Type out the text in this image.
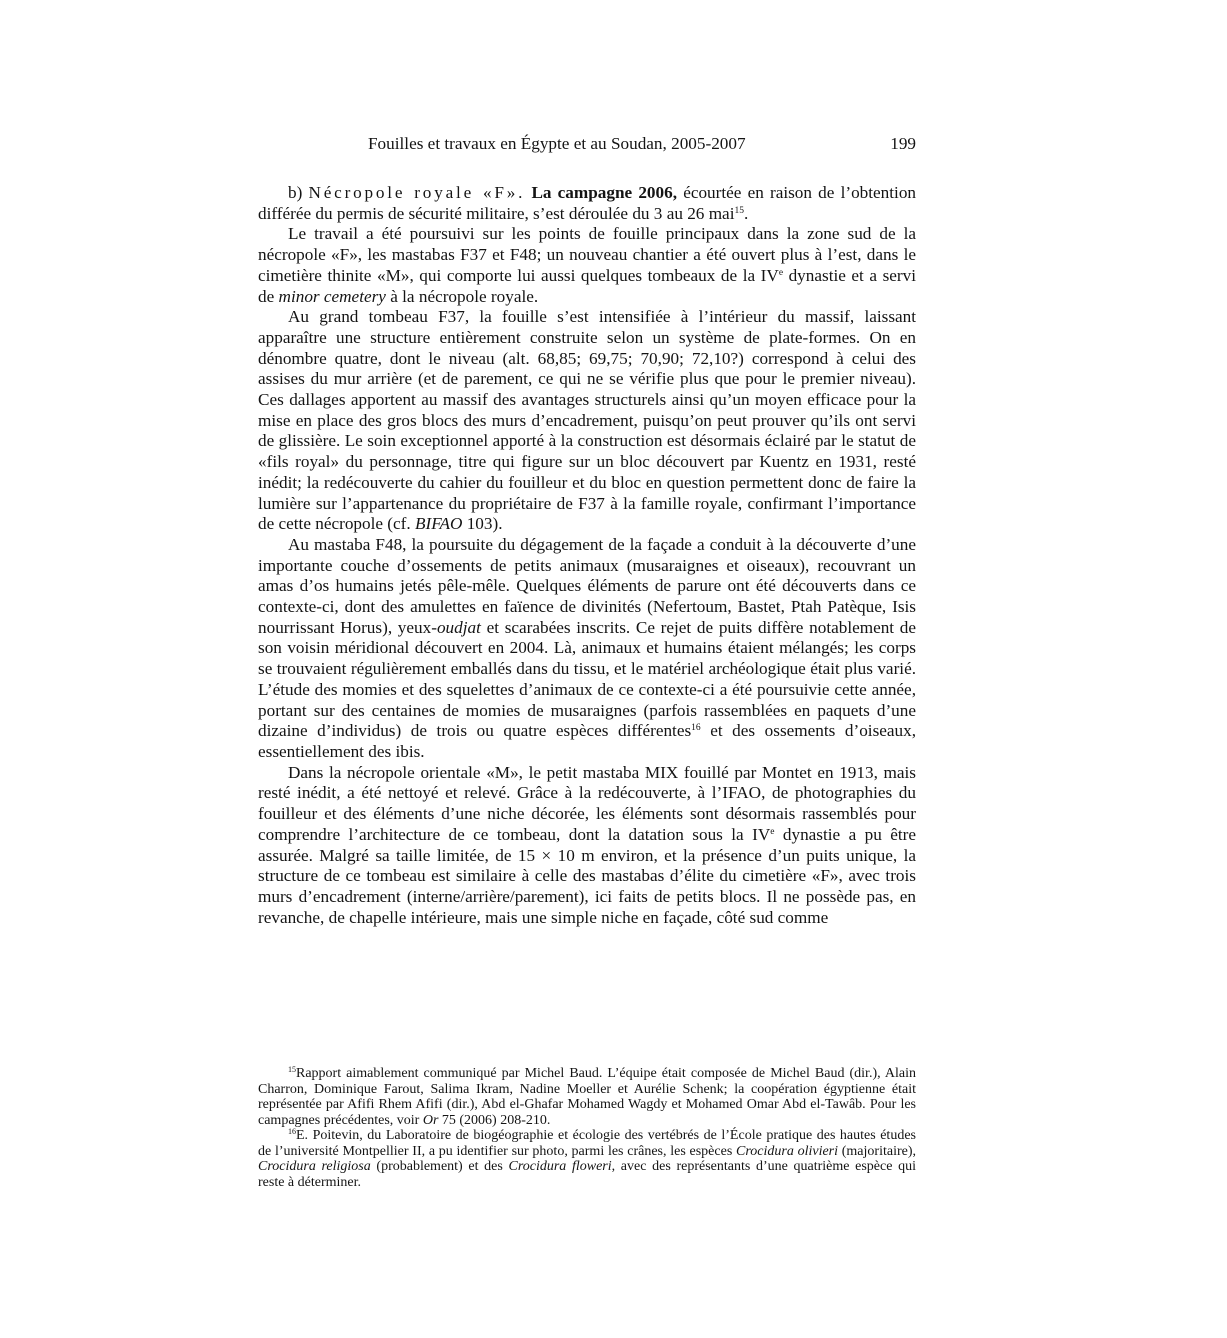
Fouilles et travaux en Égypte et au Soudan, 2005-2007	199

b) Nécropole royale «F». La campagne 2006, écourtée en raison de l’obtention différée du permis de sécurité militaire, s’est déroulée du 3 au 26 mai$^{15}$.

Le travail a été poursuivi sur les points de fouille principaux dans la zone sud de la nécropole «F», les mastabas F37 et F48; un nouveau chantier a été ouvert plus à l’est, dans le cimetière thinite «M», qui comporte lui aussi quelques tombeaux de la IVe dynastie et a servi de minor cemetery à la nécropole royale.

Au grand tombeau F37, la fouille s’est intensifiée à l’intérieur du massif, laissant apparaître une structure entièrement construite selon un système de plate-formes. On en dénombre quatre, dont le niveau (alt. 68,85; 69,75; 70,90; 72,10?) correspond à celui des assises du mur arrière (et de parement, ce qui ne se vérifie plus que pour le premier niveau). Ces dallages apportent au massif des avantages structurels ainsi qu’un moyen efficace pour la mise en place des gros blocs des murs d’encadrement, puisqu’on peut prouver qu’ils ont servi de glissière. Le soin exceptionnel apporté à la construction est désormais éclairé par le statut de «fils royal» du personnage, titre qui figure sur un bloc découvert par Kuentz en 1931, resté inédit; la redécouverte du cahier du fouilleur et du bloc en question permettent donc de faire la lumière sur l’appartenance du propriétaire de F37 à la famille royale, confirmant l’importance de cette nécropole (cf. BIFAO 103).

Au mastaba F48, la poursuite du dégagement de la façade a conduit à la découverte d’une importante couche d’ossements de petits animaux (musaraignes et oiseaux), recouvrant un amas d’os humains jetés pêle-mêle. Quelques éléments de parure ont été découverts dans ce contexte-ci, dont des amulettes en faïence de divinités (Nefertoum, Bastet, Ptah Patèque, Isis nourrissant Horus), yeux-oudjat et scarabées inscrits. Ce rejet de puits diffère notablement de son voisin méridional découvert en 2004. Là, animaux et humains étaient mélangés; les corps se trouvaient régulièrement emballés dans du tissu, et le matériel archéologique était plus varié. L’étude des momies et des squelettes d’animaux de ce contexte-ci a été poursuivie cette année, portant sur des centaines de momies de musaraignes (parfois rassemblées en paquets d’une dizaine d’individus) de trois ou quatre espèces différentes$^{16}$ et des ossements d’oiseaux, essentiellement des ibis.

Dans la nécropole orientale «M», le petit mastaba MIX fouillé par Montet en 1913, mais resté inédit, a été nettoyé et relevé. Grâce à la redécouverte, à l’IFAO, de photographies du fouilleur et des éléments d’une niche décorée, les éléments sont désormais rassemblés pour comprendre l’architecture de ce tombeau, dont la datation sous la IVe dynastie a pu être assurée. Malgré sa taille limitée, de 15 × 10 m environ, et la présence d’un puits unique, la structure de ce tombeau est similaire à celle des mastabas d’élite du cimetière «F», avec trois murs d’encadrement (interne/arrière/parement), ici faits de petits blocs. Il ne possède pas, en revanche, de chapelle intérieure, mais une simple niche en façade, côté sud comme

$^{15}$Rapport aimablement communiqué par Michel Baud. L’équipe était composée de Michel Baud (dir.), Alain Charron, Dominique Farout, Salima Ikram, Nadine Moeller et Aurélie Schenk; la coopération égyptienne était représentée par Afifi Rhem Afifi (dir.), Abd el-Ghafar Mohamed Wagdy et Mohamed Omar Abd el-Tawâb. Pour les campagnes précédentes, voir Or 75 (2006) 208-210.

$^{16}$E. Poitevin, du Laboratoire de biogéographie et écologie des vertébrés de l’École pratique des hautes études de l’université Montpellier II, a pu identifier sur photo, parmi les crânes, les espèces Crocidura olivieri (majoritaire), Crocidura religiosa (probablement) et des Crocidura floweri, avec des représentants d’une quatrième espèce qui reste à déterminer.
